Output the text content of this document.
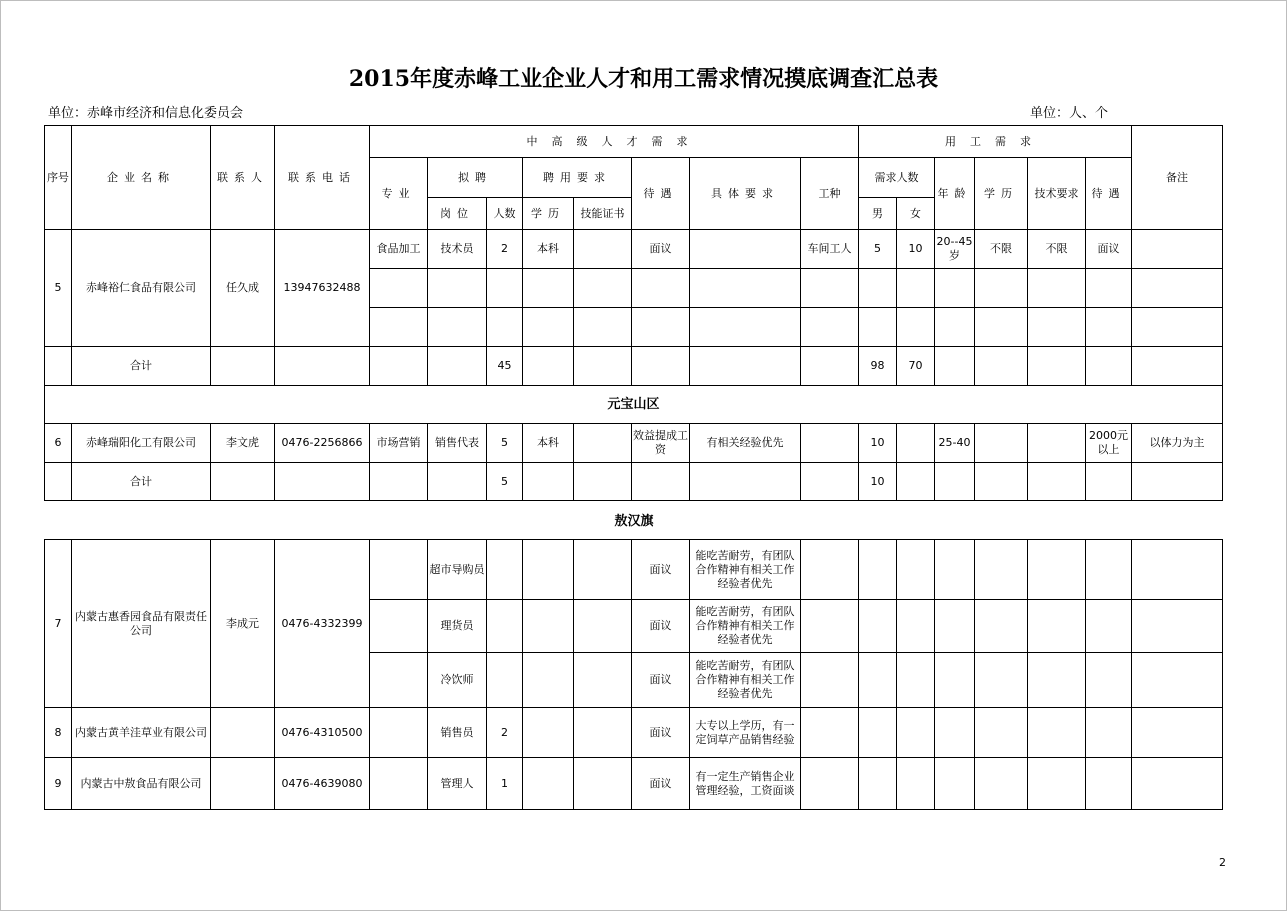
2015年度赤峰工业企业人才和用工需求情况摸底调查汇总表
单位：赤峰市经济和信息化委员会	单位：人、个
序号	企业名称	联系人	联系电话	中高级人才需求								用工需求						备注
				专业	拟聘		聘用要求		待遇	具体要求	工种	需求人数		年龄	学历	技术要求	待遇	
					岗位	人数	学历	技能证书				男	女					
5	赤峰裕仁食品有限公司	任久成	13947632488	食品加工	技术员	2	本科		面议		车间工人	5	10	20--45岁	不限	不限	面议	

	合计					45						98	70					
元宝山区																		
6	赤峰瑞阳化工有限公司	李文虎	0476-2256866	市场营销	销售代表	5	本科		效益提成工资	有相关经验优先		10		25-40			2000元以上	以体力为主
	合计					5						10						
敖汉旗
7	内蒙古惠香园食品有限责任公司	李成元	0476-4332399		超市导购员				面议	能吃苦耐劳，有团队合作精神有相关工作经验者优先								
					理货员				面议	能吃苦耐劳，有团队合作精神有相关工作经验者优先								
					冷饮师				面议	能吃苦耐劳，有团队合作精神有相关工作经验者优先								
8	内蒙古黄羊洼草业有限公司		0476-4310500		销售员	2			面议	大专以上学历，有一定饲草产品销售经验								
9	内蒙古中敖食品有限公司		0476-4639080		管理人	1			面议	有一定生产销售企业管理经验，工资面谈								
2
